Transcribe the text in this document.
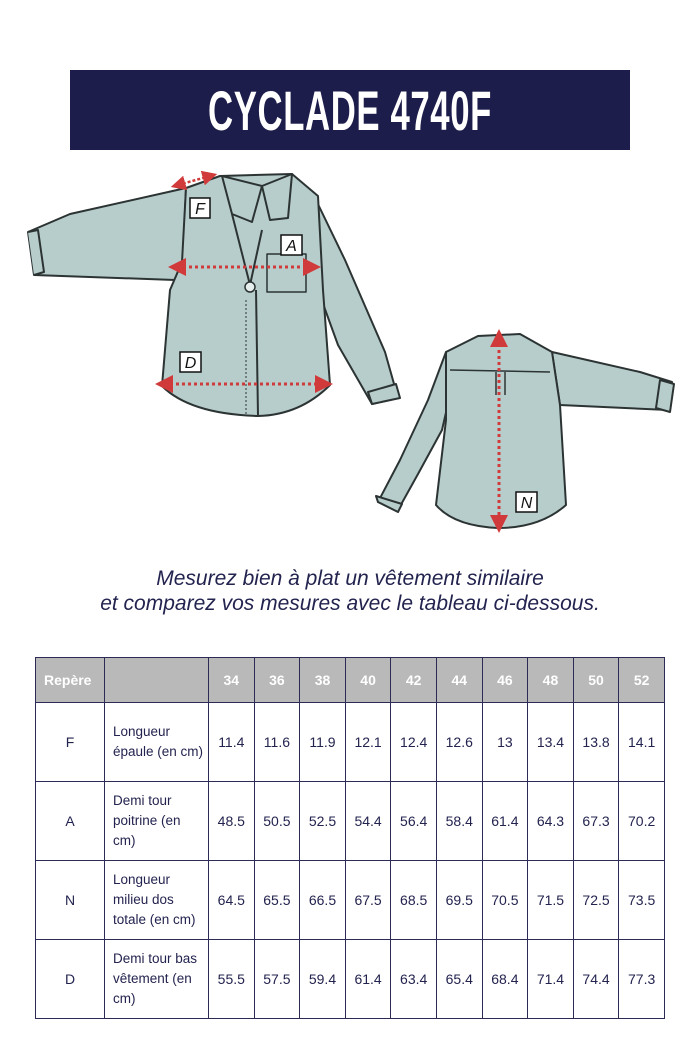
CYCLADE 4740F
F
A
D
N
Mesurez bien à plat un vêtement similaire
et comparez vos mesures avec le tableau ci-dessous.
Repère		34	36	38	40	42	44	46	48	50	52
F	Longueur épaule (en cm)	11.4	11.6	11.9	12.1	12.4	12.6	13	13.4	13.8	14.1
A	Demi tour poitrine (en cm)	48.5	50.5	52.5	54.4	56.4	58.4	61.4	64.3	67.3	70.2
N	Longueur milieu dos totale (en cm)	64.5	65.5	66.5	67.5	68.5	69.5	70.5	71.5	72.5	73.5
D	Demi tour bas vêtement (en cm)	55.5	57.5	59.4	61.4	63.4	65.4	68.4	71.4	74.4	77.3
